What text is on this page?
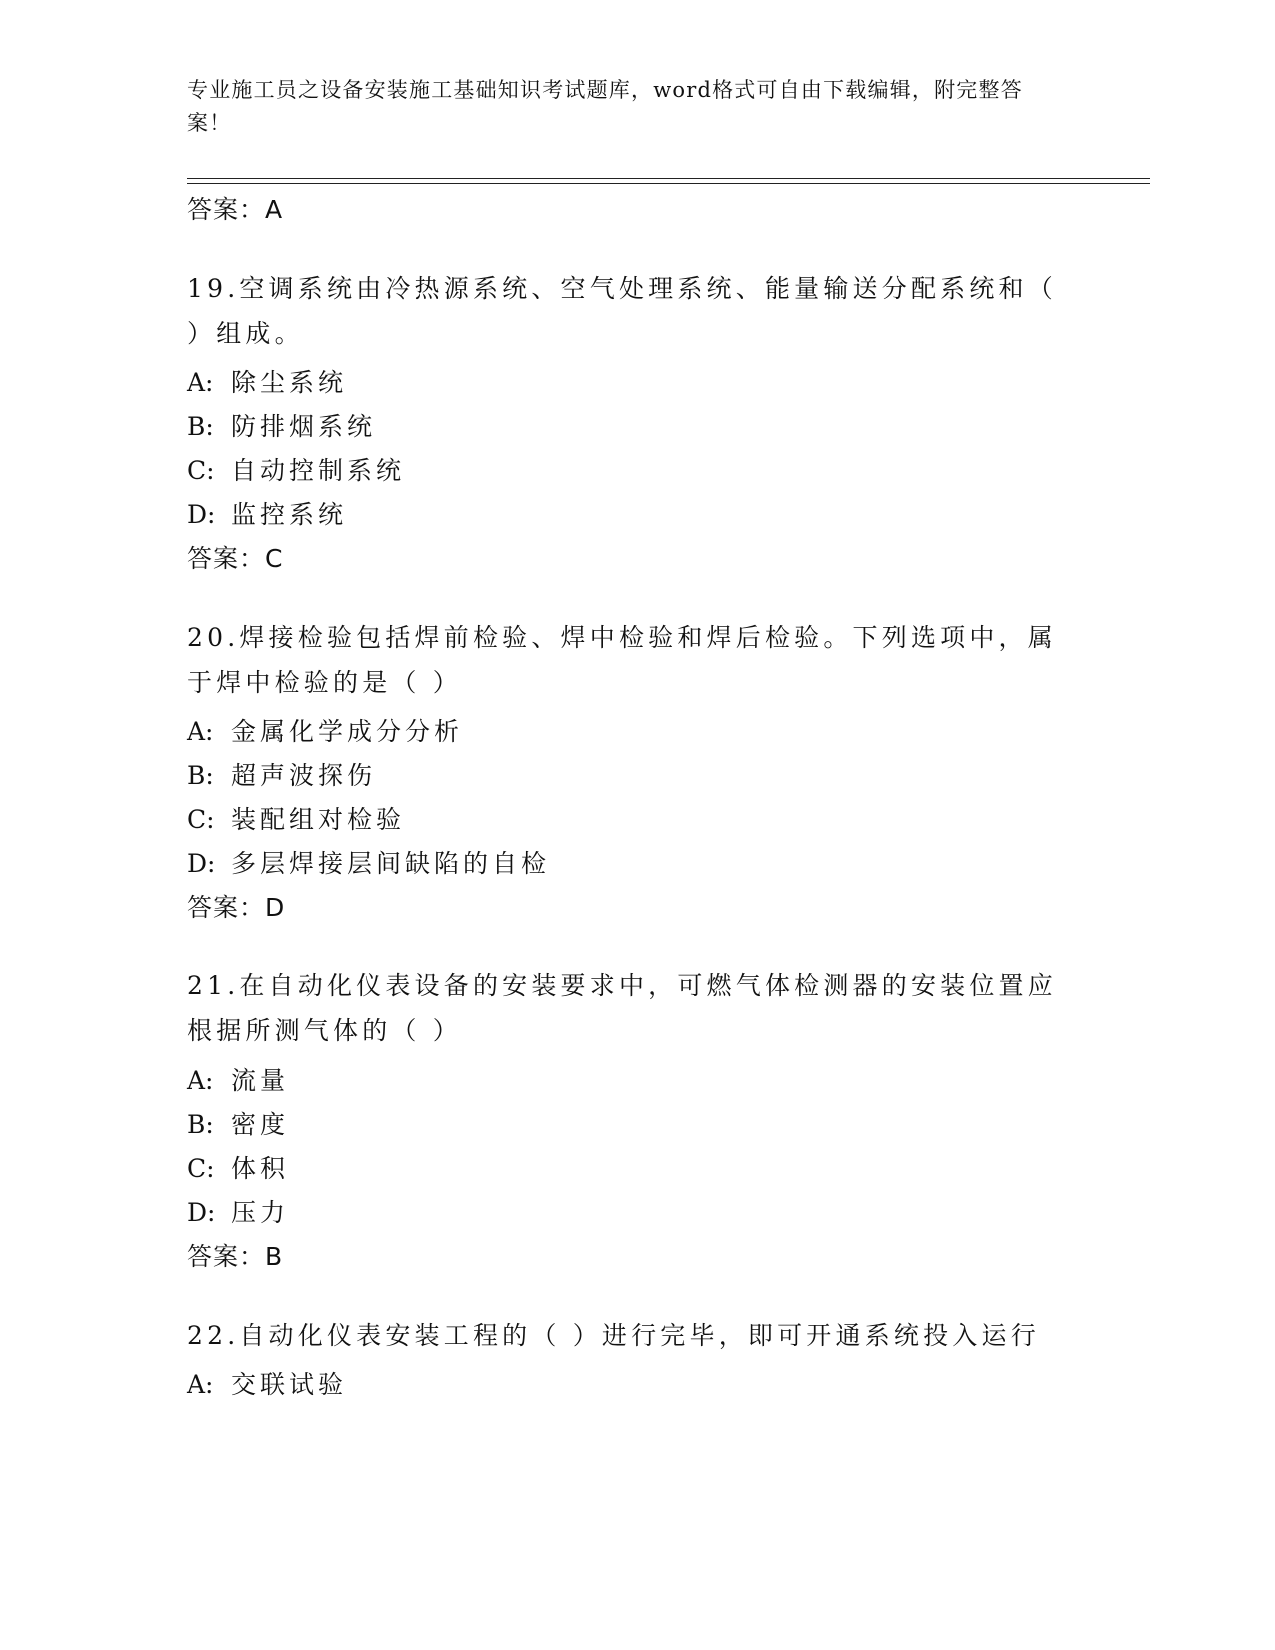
专业施工员之设备安装施工基础知识考试题库，word格式可自由下载编辑，附完整答案！
答案：A
19.空调系统由冷热源系统、空气处理系统、能量输送分配系统和（ ）组成。
A: 除尘系统
B: 防排烟系统
C: 自动控制系统
D: 监控系统
答案：C
20.焊接检验包括焊前检验、焊中检验和焊后检验。下列选项中，属于焊中检验的是（ ）
A: 金属化学成分分析
B: 超声波探伤
C: 装配组对检验
D: 多层焊接层间缺陷的自检
答案：D
21.在自动化仪表设备的安装要求中，可燃气体检测器的安装位置应根据所测气体的（ ）
A: 流量
B: 密度
C: 体积
D: 压力
答案：B
22.自动化仪表安装工程的（ ）进行完毕，即可开通系统投入运行
A: 交联试验
